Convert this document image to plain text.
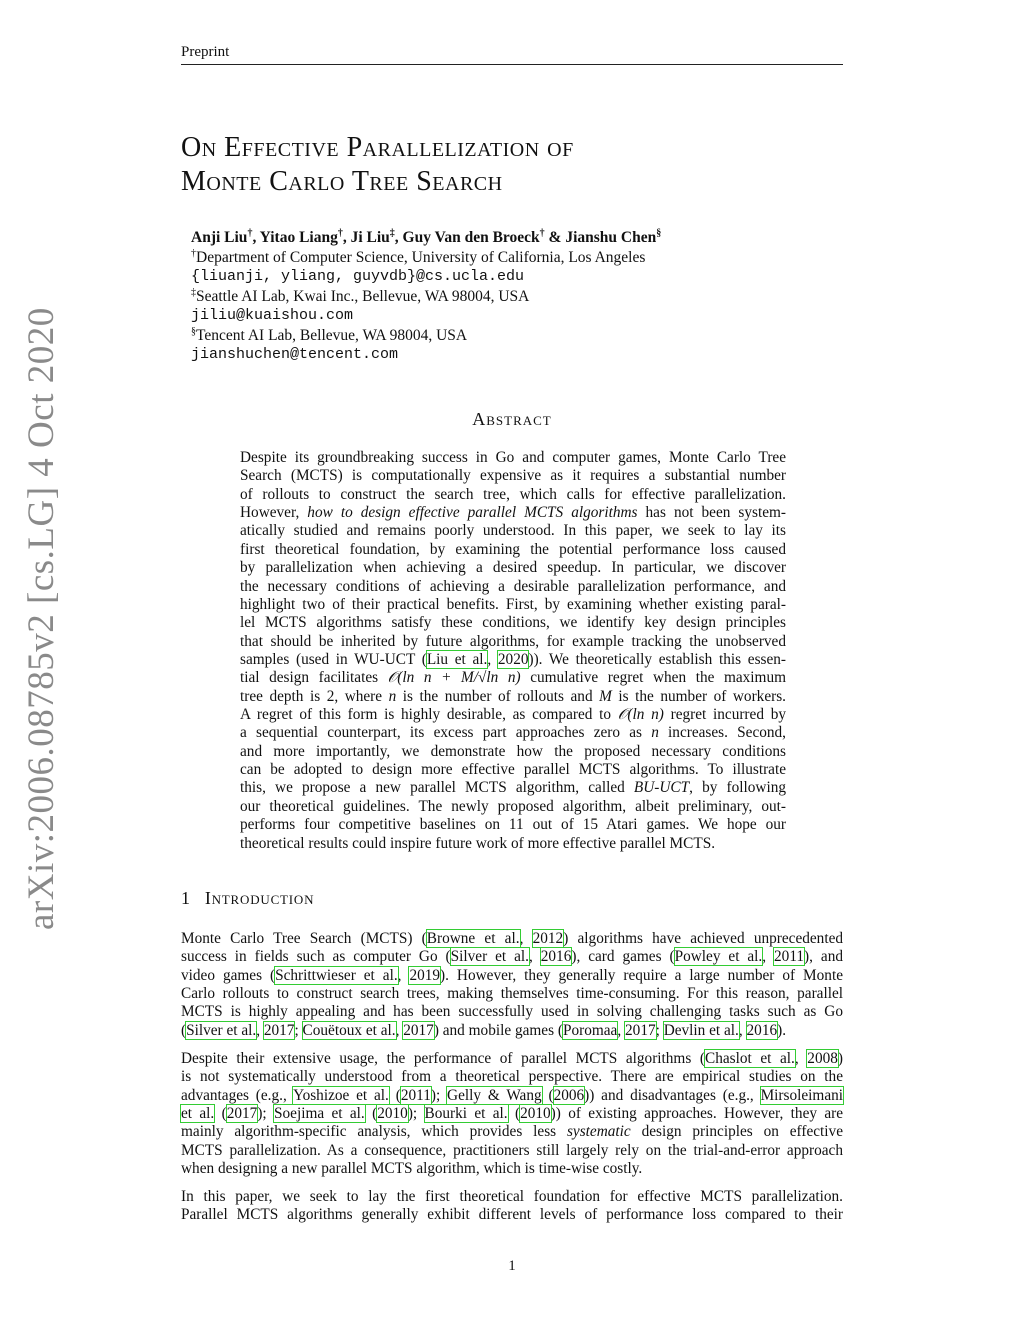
Preprint
arXiv:2006.08785v2 [cs.LG] 4 Oct 2020
On Effective Parallelization of
Monte Carlo Tree Search
Anji Liu†, Yitao Liang†, Ji Liu‡, Guy Van den Broeck† & Jianshu Chen§
†Department of Computer Science, University of California, Los Angeles
{liuanji, yliang, guyvdb}@cs.ucla.edu
‡Seattle AI Lab, Kwai Inc., Bellevue, WA 98004, USA
jiliu@kuaishou.com
§Tencent AI Lab, Bellevue, WA 98004, USA
jianshuchen@tencent.com
Abstract
Despite its groundbreaking success in Go and computer games, Monte Carlo Tree
Search (MCTS) is computationally expensive as it requires a substantial number
of rollouts to construct the search tree, which calls for effective parallelization.
However, how to design effective parallel MCTS algorithms has not been system-
atically studied and remains poorly understood. In this paper, we seek to lay its
first theoretical foundation, by examining the potential performance loss caused
by parallelization when achieving a desired speedup. In particular, we discover
the necessary conditions of achieving a desirable parallelization performance, and
highlight two of their practical benefits. First, by examining whether existing paral-
lel MCTS algorithms satisfy these conditions, we identify key design principles
that should be inherited by future algorithms, for example tracking the unobserved
samples (used in WU-UCT (Liu et al., 2020)). We theoretically establish this essen-
tial design facilitates 𝒪(ln n + M/√ln n) cumulative regret when the maximum
tree depth is 2, where n is the number of rollouts and M is the number of workers.
A regret of this form is highly desirable, as compared to 𝒪(ln n) regret incurred by
a sequential counterpart, its excess part approaches zero as n increases. Second,
and more importantly, we demonstrate how the proposed necessary conditions
can be adopted to design more effective parallel MCTS algorithms. To illustrate
this, we propose a new parallel MCTS algorithm, called BU-UCT, by following
our theoretical guidelines. The newly proposed algorithm, albeit preliminary, out-
performs four competitive baselines on 11 out of 15 Atari games. We hope our
theoretical results could inspire future work of more effective parallel MCTS.
1 Introduction
Monte Carlo Tree Search (MCTS) (Browne et al., 2012) algorithms have achieved unprecedented
success in fields such as computer Go (Silver et al., 2016), card games (Powley et al., 2011), and
video games (Schrittwieser et al., 2019). However, they generally require a large number of Monte
Carlo rollouts to construct search trees, making themselves time-consuming. For this reason, parallel
MCTS is highly appealing and has been successfully used in solving challenging tasks such as Go
(Silver et al., 2017; Couëtoux et al., 2017) and mobile games (Poromaa, 2017; Devlin et al., 2016).
Despite their extensive usage, the performance of parallel MCTS algorithms (Chaslot et al., 2008)
is not systematically understood from a theoretical perspective. There are empirical studies on the
advantages (e.g., Yoshizoe et al. (2011); Gelly & Wang (2006)) and disadvantages (e.g., Mirsoleimani
et al. (2017); Soejima et al. (2010); Bourki et al. (2010)) of existing approaches. However, they are
mainly algorithm-specific analysis, which provides less systematic design principles on effective
MCTS parallelization. As a consequence, practitioners still largely rely on the trial-and-error approach
when designing a new parallel MCTS algorithm, which is time-wise costly.
In this paper, we seek to lay the first theoretical foundation for effective MCTS parallelization.
Parallel MCTS algorithms generally exhibit different levels of performance loss compared to their
1
